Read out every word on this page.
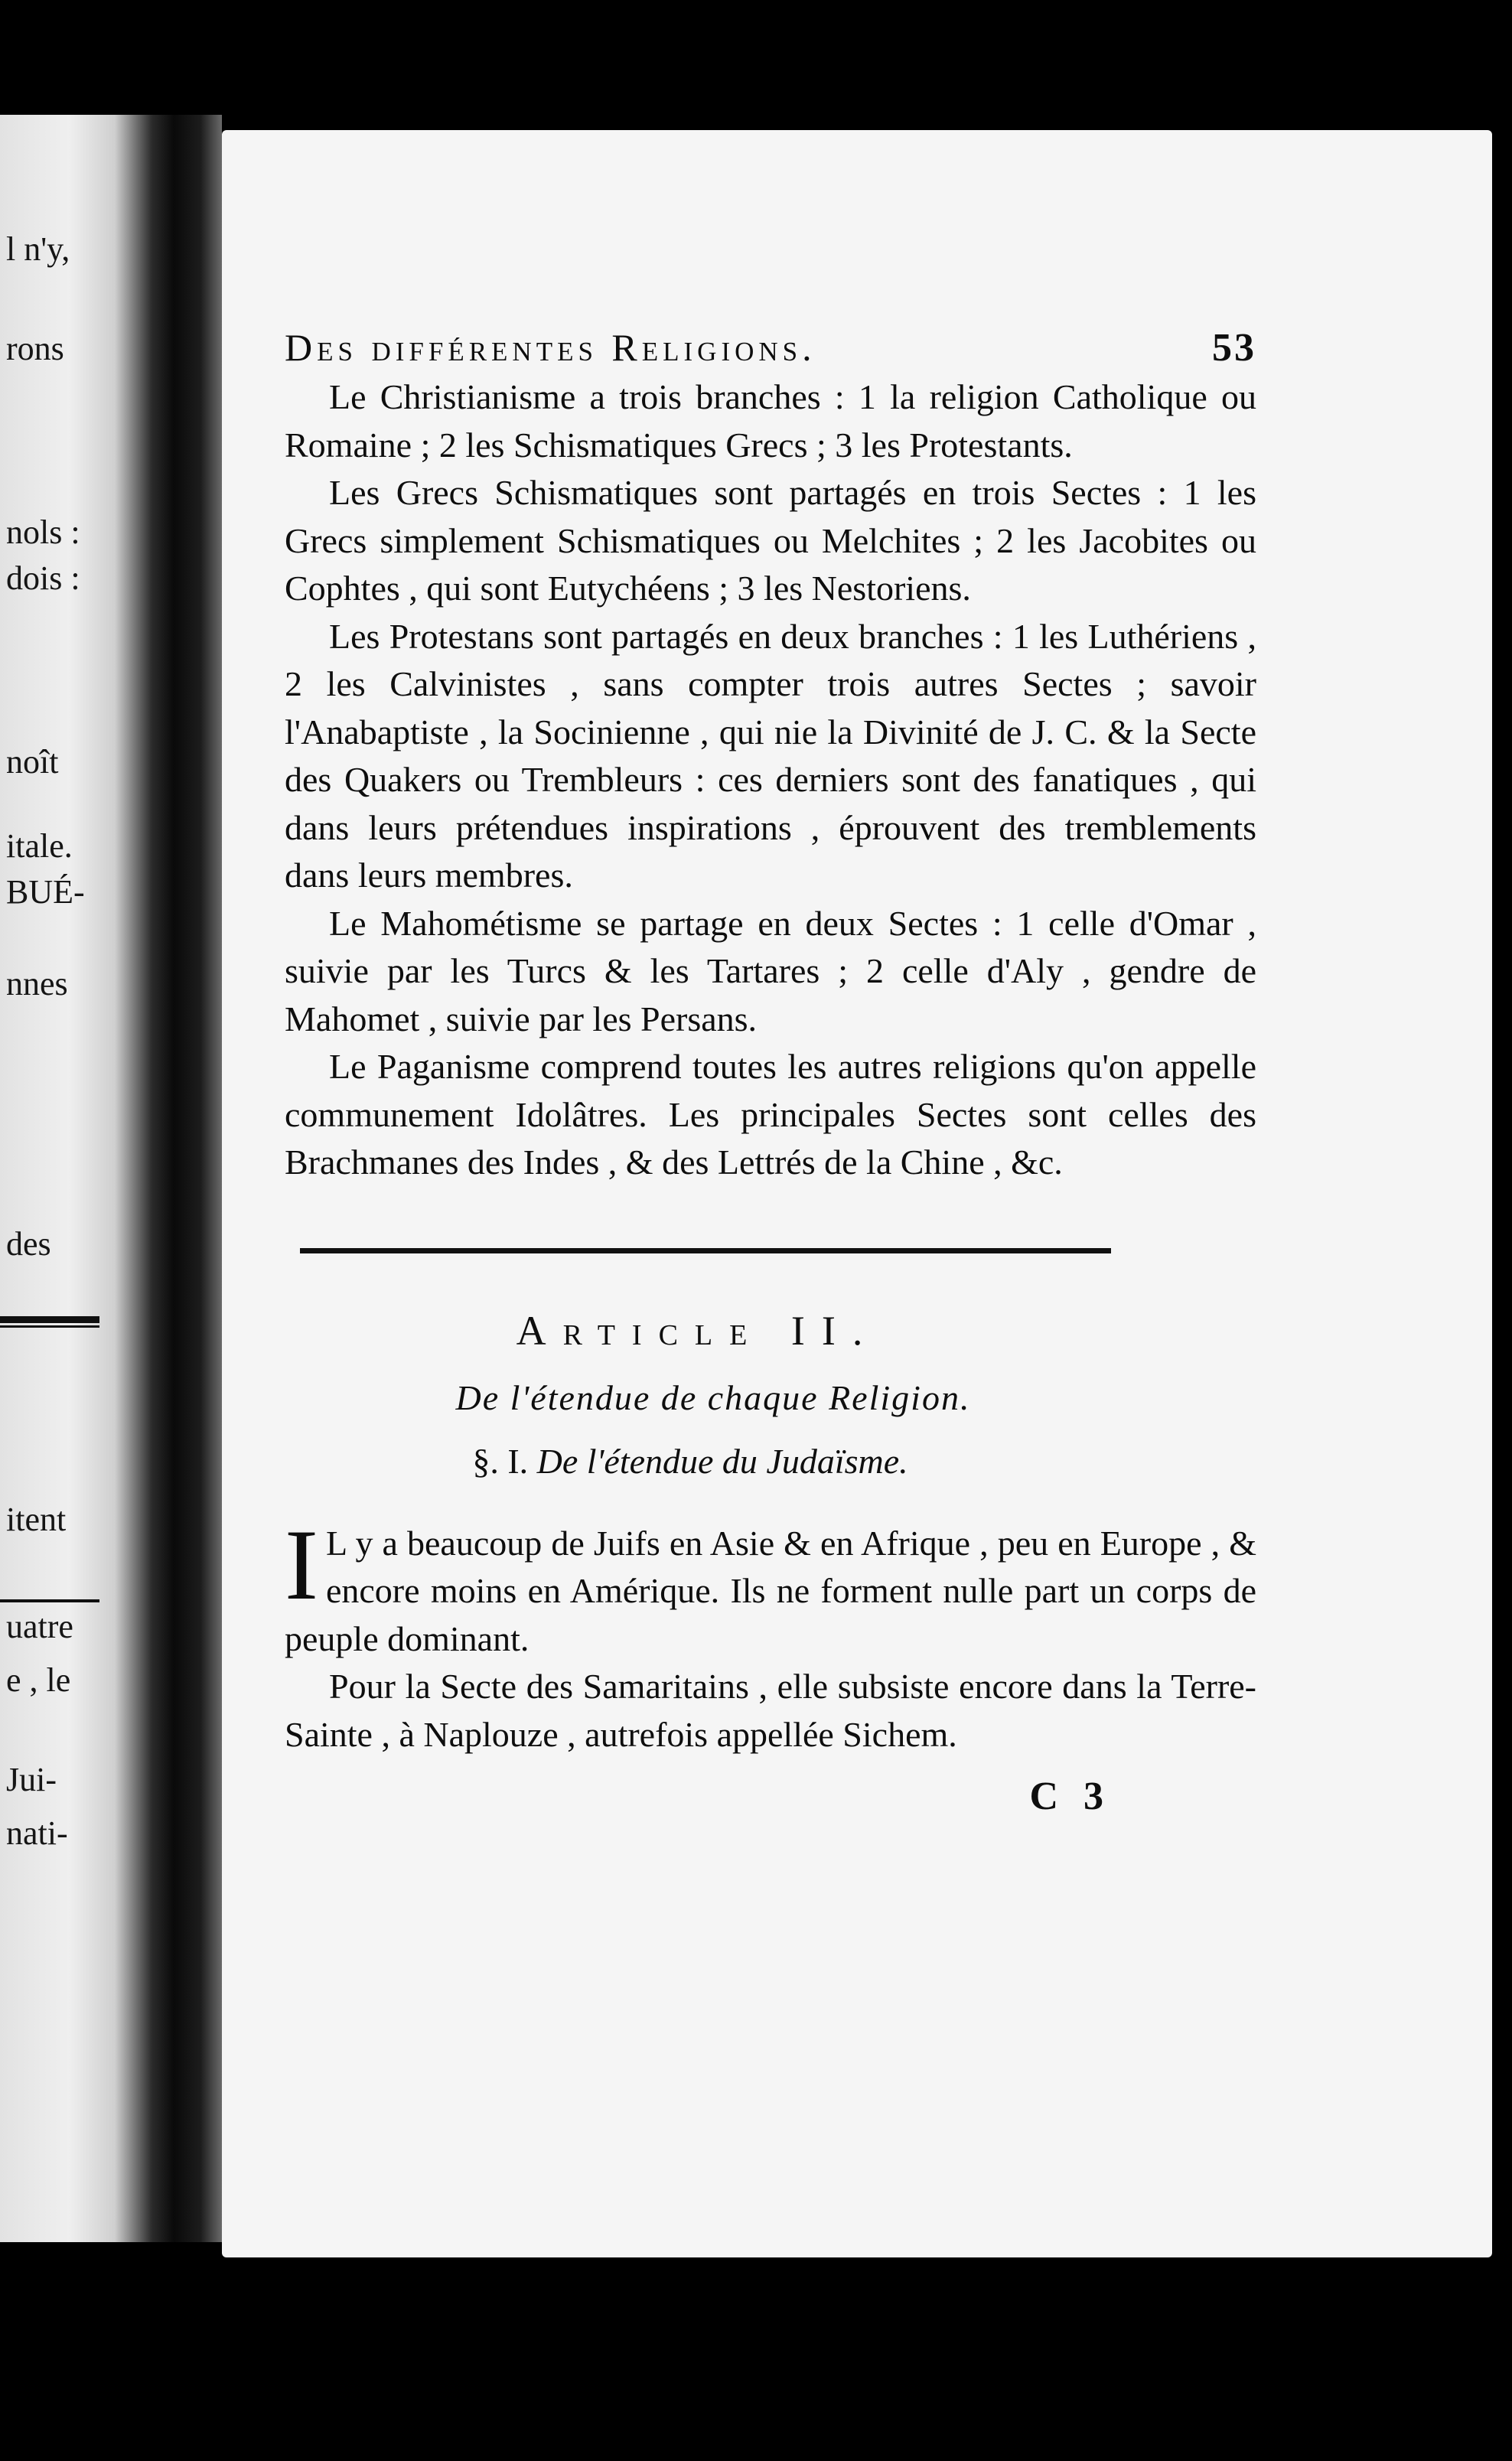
l n'y,
rons
nols :
dois :
noît
itale.
BUÉ-
nnes
des
itent
uatre
e , le
Jui-
nati-
Des différentes Religions.	53

Le Christianisme a trois branches : 1 la religion Catholique ou Romaine ; 2 les Schismatiques Grecs ; 3 les Protestants.

Les Grecs Schismatiques sont partagés en trois Sectes : 1 les Grecs simplement Schismatiques ou Melchites ; 2 les Jacobites ou Cophtes , qui sont Eutychéens ; 3 les Nestoriens.

Les Protestans sont partagés en deux branches : 1 les Luthériens , 2 les Calvinistes , sans compter trois autres Sectes ; savoir l'Anabaptiste , la Socinienne , qui nie la Divinité de J. C. & la Secte des Quakers ou Trembleurs : ces derniers sont des fanatiques , qui dans leurs prétendues inspirations , éprouvent des tremblements dans leurs membres.

Le Mahométisme se partage en deux Sectes : 1 celle d'Omar , suivie par les Turcs & les Tartares ; 2 celle d'Aly , gendre de Mahomet , suivie par les Persans.

Le Paganisme comprend toutes les autres religions qu'on appelle communement Idolâtres. Les principales Sectes sont celles des Brachmanes des Indes , & des Lettrés de la Chine , &c.

Article II.
De l'étendue de chaque Religion.
§. I. De l'étendue du Judaïsme.
I L y a beaucoup de Juifs en Asie & en Afrique , peu en Europe , & encore moins en Amérique. Ils ne forment nulle part un corps de peuple dominant.

Pour la Secte des Samaritains , elle subsiste encore dans la Terre-Sainte , à Naplouze , autrefois appellée Sichem.

C 3
